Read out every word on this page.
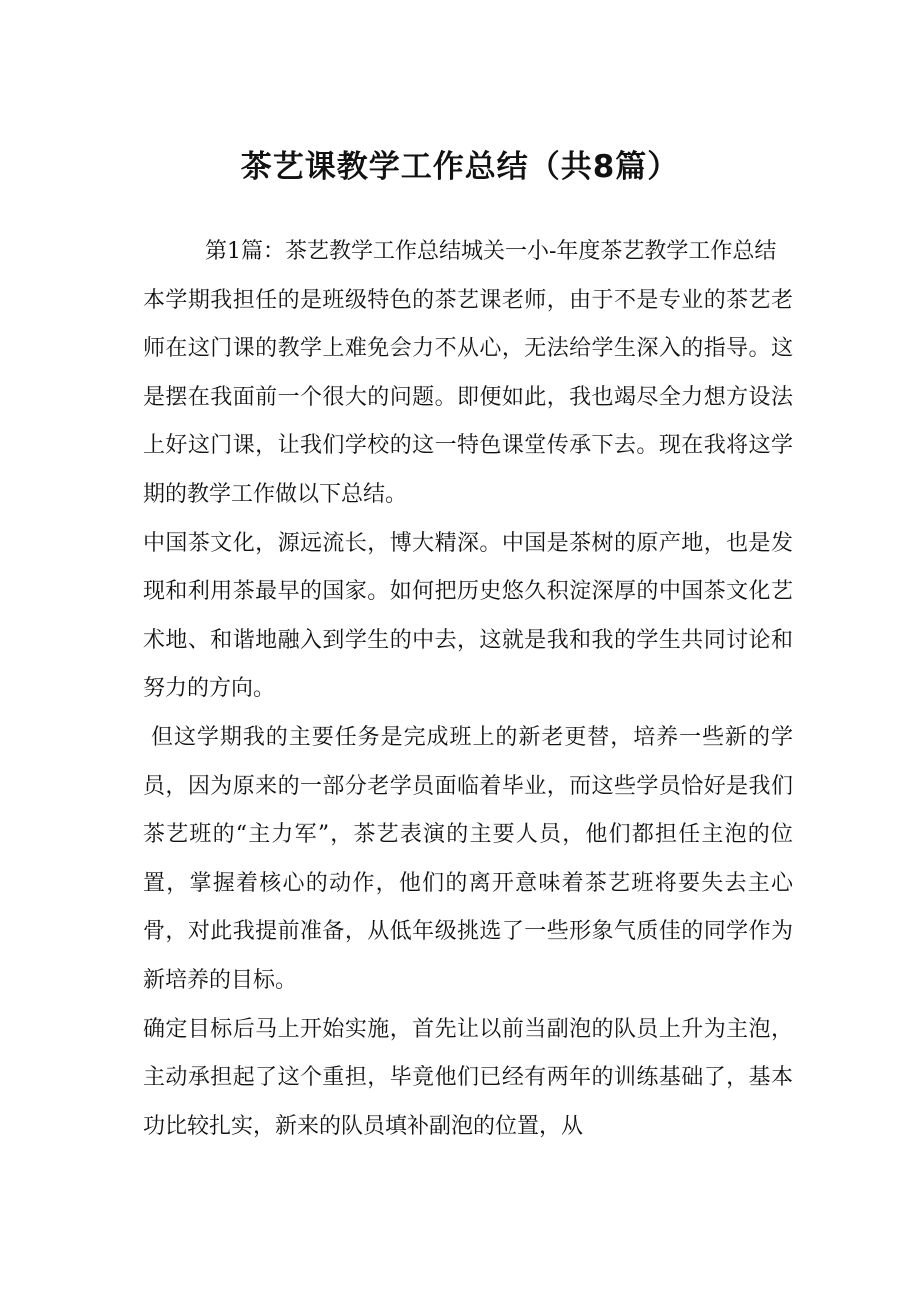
茶艺课教学工作总结（共8篇）

第1篇：茶艺教学工作总结城关一小-年度茶艺教学工作总结

本学期我担任的是班级特色的茶艺课老师，由于不是专业的茶艺老师在这门课的教学上难免会力不从心，无法给学生深入的指导。这是摆在我面前一个很大的问题。即便如此，我也竭尽全力想方设法上好这门课，让我们学校的这一特色课堂传承下去。现在我将这学期的教学工作做以下总结。

中国茶文化，源远流长，博大精深。中国是茶树的原产地，也是发现和利用茶最早的国家。如何把历史悠久积淀深厚的中国茶文化艺术地、和谐地融入到学生的中去，这就是我和我的学生共同讨论和努力的方向。

但这学期我的主要任务是完成班上的新老更替，培养一些新的学员，因为原来的一部分老学员面临着毕业，而这些学员恰好是我们茶艺班的“主力军”，茶艺表演的主要人员，他们都担任主泡的位置，掌握着核心的动作，他们的离开意味着茶艺班将要失去主心骨，对此我提前准备，从低年级挑选了一些形象气质佳的同学作为新培养的目标。

确定目标后马上开始实施，首先让以前当副泡的队员上升为主泡，主动承担起了这个重担，毕竟他们已经有两年的训练基础了，基本功比较扎实，新来的队员填补副泡的位置，从
